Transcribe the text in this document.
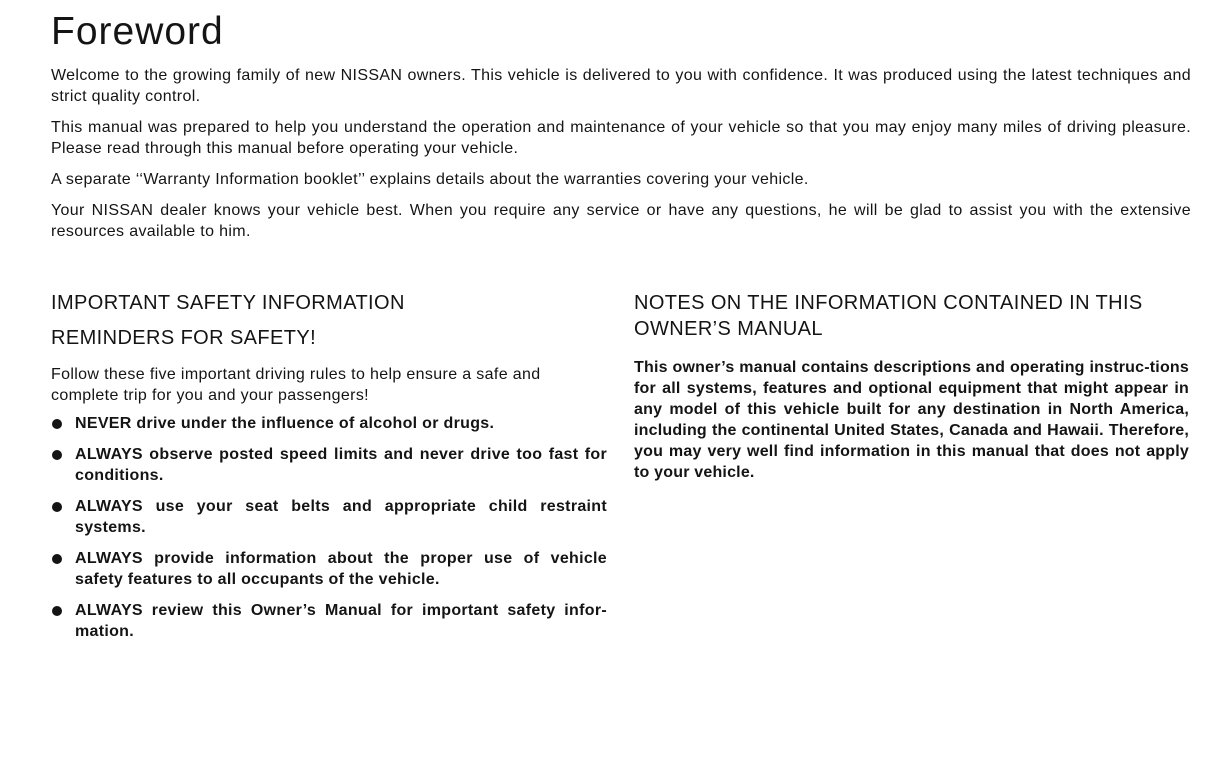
Foreword

Welcome to the growing family of new NISSAN owners. This vehicle is delivered to you with confidence. It was produced using the latest techniques and strict quality control.

This manual was prepared to help you understand the operation and maintenance of your vehicle so that you may enjoy many miles of driving pleasure. Please read through this manual before operating your vehicle.

A separate ‘‘Warranty Information booklet’’ explains details about the warranties covering your vehicle.

Your NISSAN dealer knows your vehicle best. When you require any service or have any questions, he will be glad to assist you with the extensive resources available to him.

IMPORTANT SAFETY INFORMATION
REMINDERS FOR SAFETY!

Follow these five important driving rules to help ensure a safe and complete trip for you and your passengers!

NEVER drive under the influence of alcohol or drugs.
ALWAYS observe posted speed limits and never drive too fast for conditions.
ALWAYS use your seat belts and appropriate child restraint systems.
ALWAYS provide information about the proper use of vehicle safety features to all occupants of the vehicle.
ALWAYS review this Owner’s Manual for important safety infor-mation.
NOTES ON THE INFORMATION CONTAINED IN THIS OWNER’S MANUAL

This owner’s manual contains descriptions and operating instruc-tions for all systems, features and optional equipment that might appear in any model of this vehicle built for any destination in North America, including the continental United States, Canada and Hawaii. Therefore, you may very well find information in this manual that does not apply to your vehicle.
